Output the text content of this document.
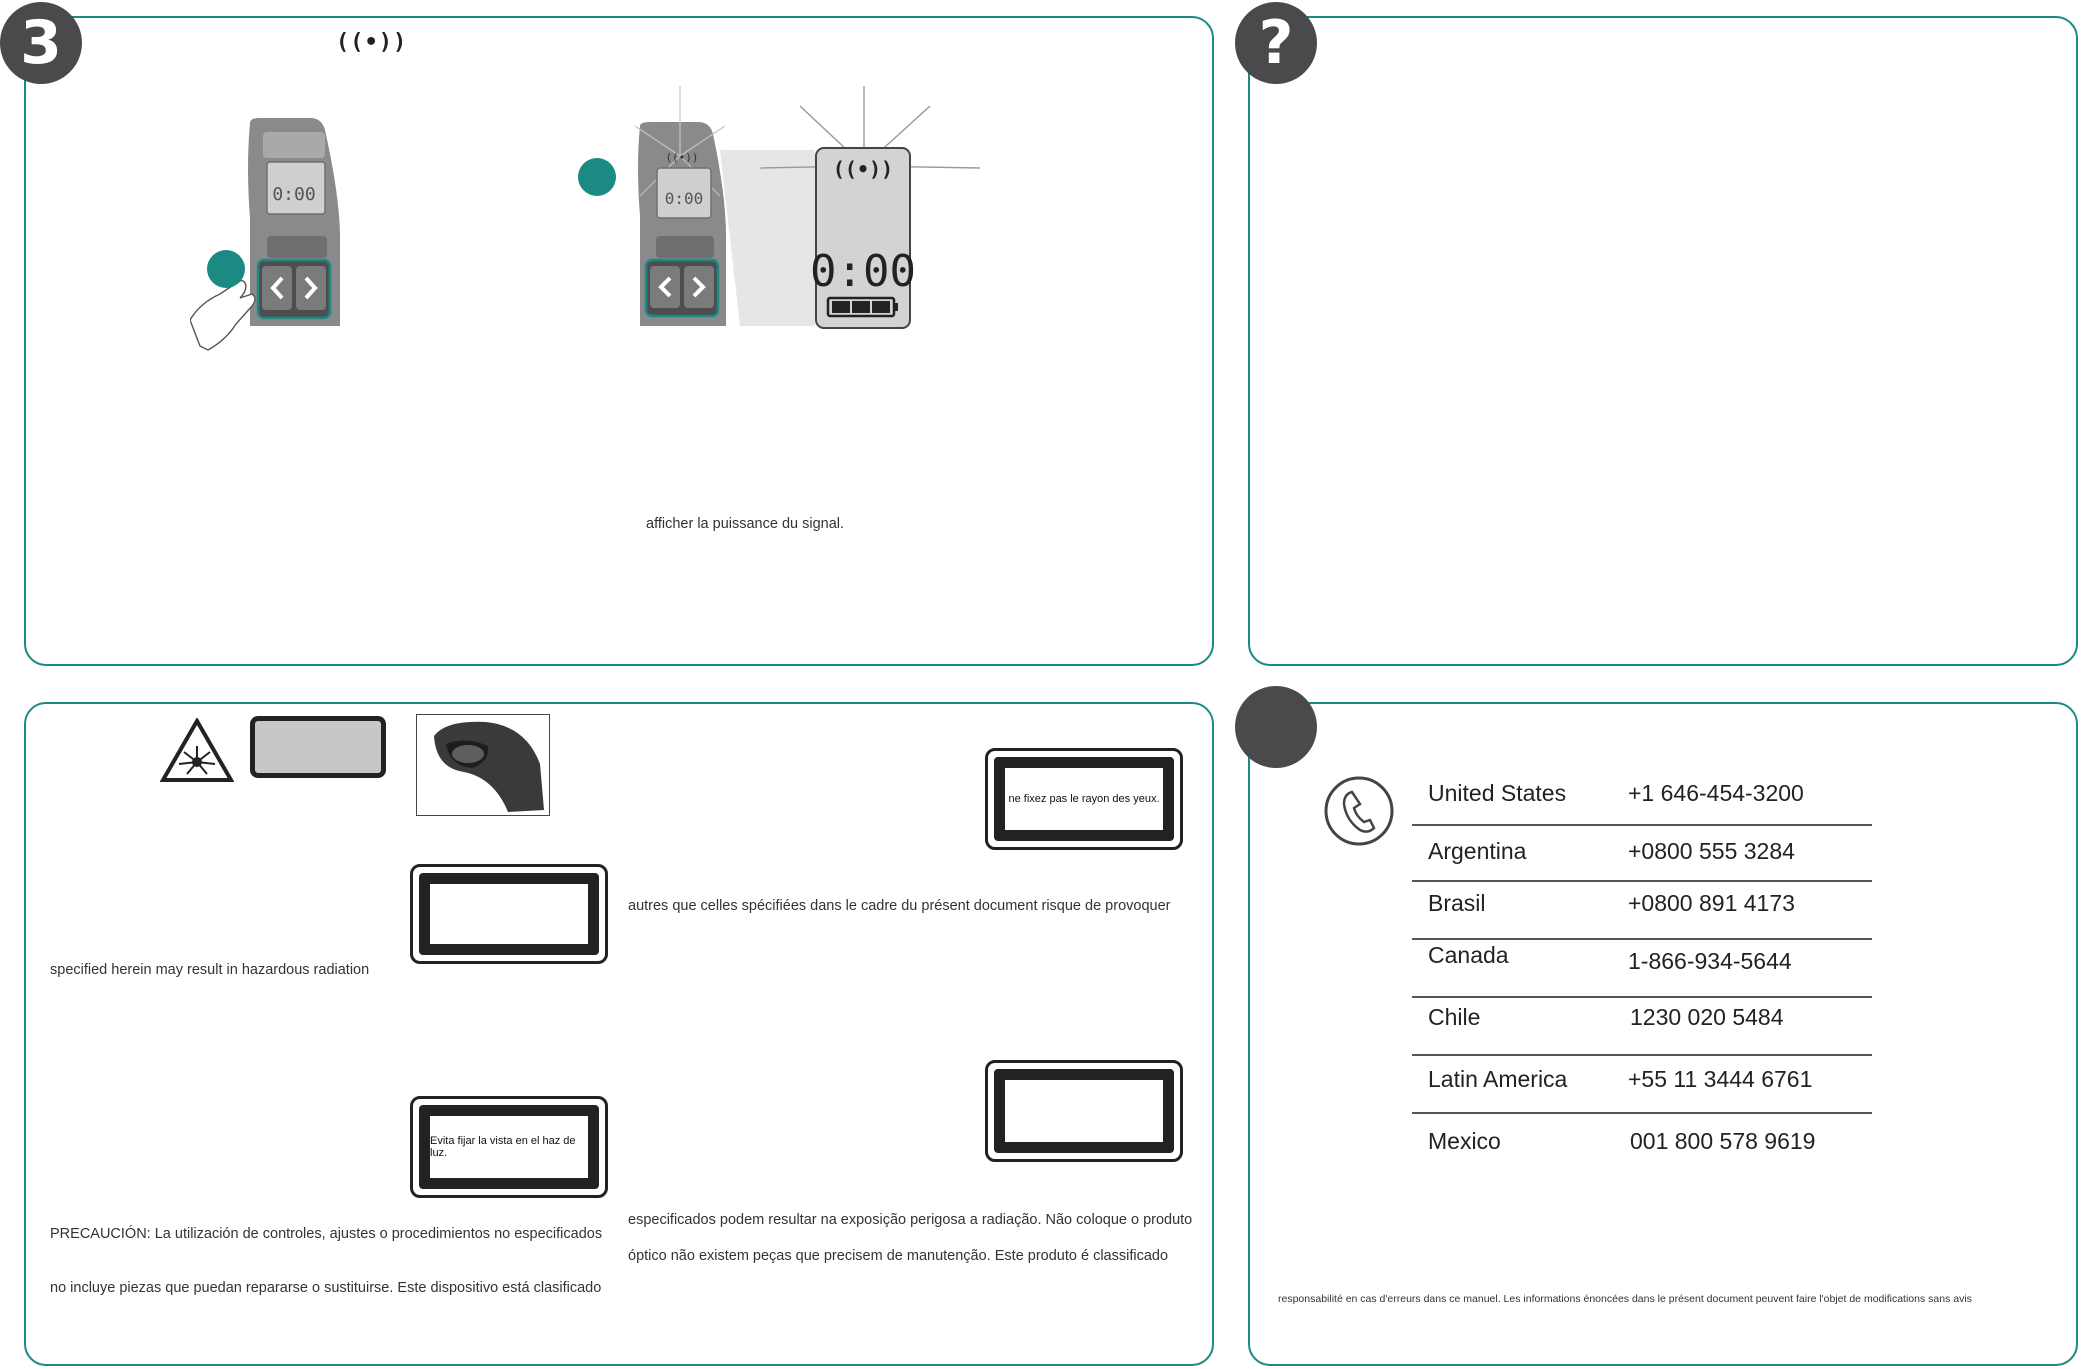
3	((•))
0:00
((•))
0:00
((•))
0:00
afficher la puissance du signal.
?
ne fixez pas le rayon des yeux.
autres que celles spécifiées dans le cadre du présent document risque de provoquer
specified herein may result in hazardous radiation
Evita fijar la vista en el haz de luz.
especificados podem resultar na exposição perigosa a radiação. Não coloque o produto
PRECAUCIÓN: La utilización de controles, ajustes o procedimientos no especificados
óptico não existem peças que precisem de manutenção. Este produto é classificado
no incluye piezas que puedan repararse o sustituirse. Este dispositivo está clasificado
United States	+1 646-454-3200
Argentina	+0800 555 3284
Brasil	+0800 891 4173
Canada	1-866-934-5644
Chile	1230 020 5484
Latin America	+55 11 3444 6761
Mexico	001 800 578 9619
responsabilité en cas d'erreurs dans ce manuel. Les informations énoncées dans le présent document peuvent faire l'objet de modifications sans avis
